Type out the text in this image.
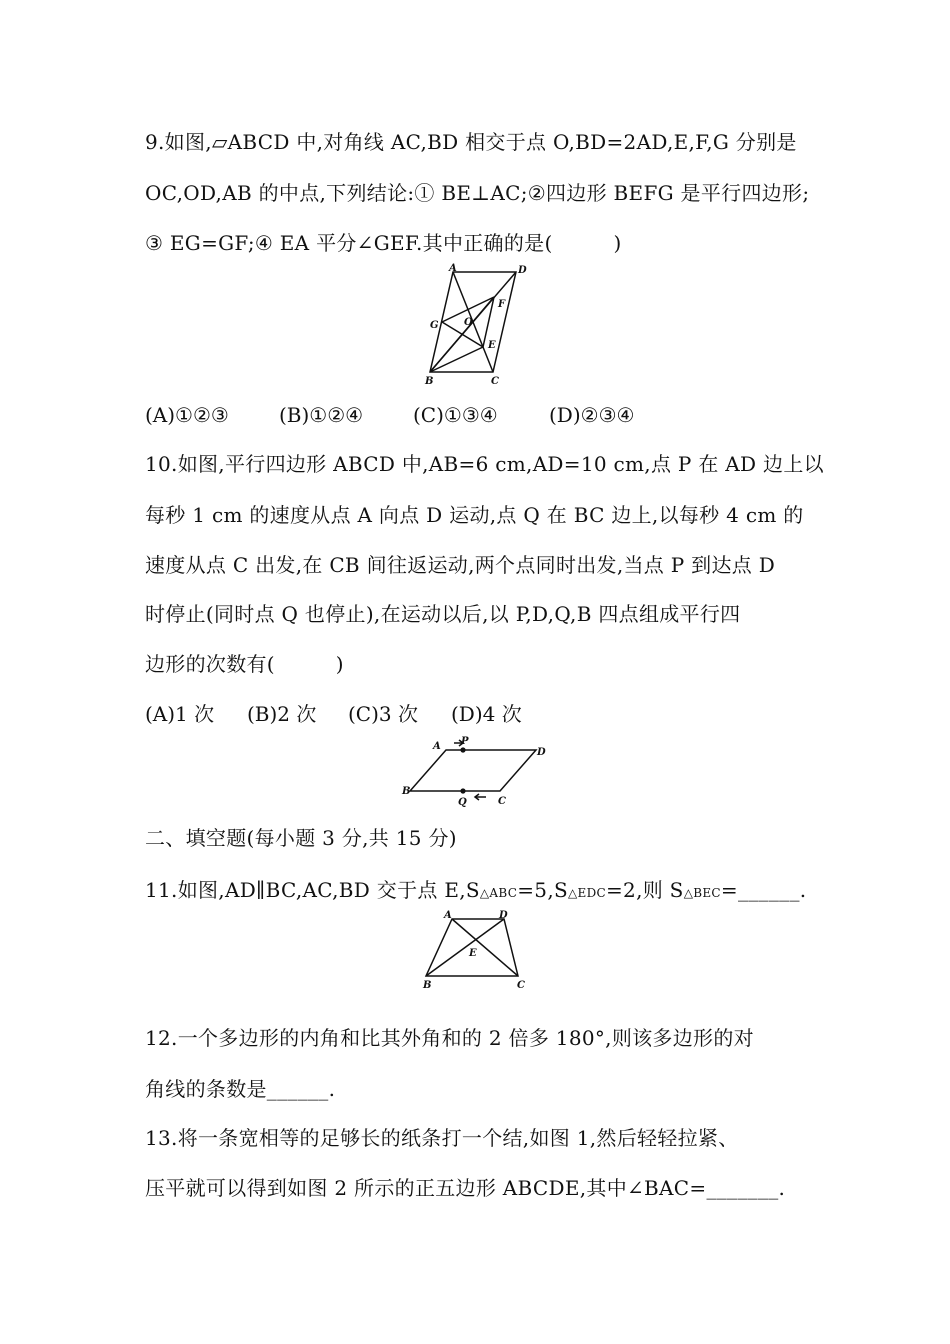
9.如图,▱ABCD 中,对角线 AC,BD 相交于点 O,BD=2AD,E,F,G 分别是
OC,OD,AB 的中点,下列结论:① BE⊥AC;②四边形 BEFG 是平行四边形;
③ EG=GF;④ EA 平分∠GEF.其中正确的是(　　　)
A	D
F
G	O
E
B	C
(A)①②③	(B)①②④ (C)①③④	(D)②③④
10.如图,平行四边形 ABCD 中,AB=6 cm,AD=10 cm,点 P 在 AD 边上以
每秒 1 cm 的速度从点 A 向点 D 运动,点 Q 在 BC 边上,以每秒 4 cm 的
速度从点 C 出发,在 CB 间往返运动,两个点同时出发,当点 P 到达点 D
时停止(同时点 Q 也停止),在运动以后,以 P,D,Q,B 四点组成平行四
边形的次数有(　　　)
(A)1 次 (B)2 次 (C)3 次 (D)4 次
A P
D
B
Q	C
二、填空题(每小题 3 分,共 15 分)
11.如图,AD∥BC,AC,BD 交于点 E,S△ABC=5,S△EDC=2,则 S△BEC=______.
A	D
E
B	C
12.一个多边形的内角和比其外角和的 2 倍多 180°,则该多边形的对
角线的条数是______.
13.将一条宽相等的足够长的纸条打一个结,如图 1,然后轻轻拉紧、
压平就可以得到如图 2 所示的正五边形 ABCDE,其中∠BAC=_______.
